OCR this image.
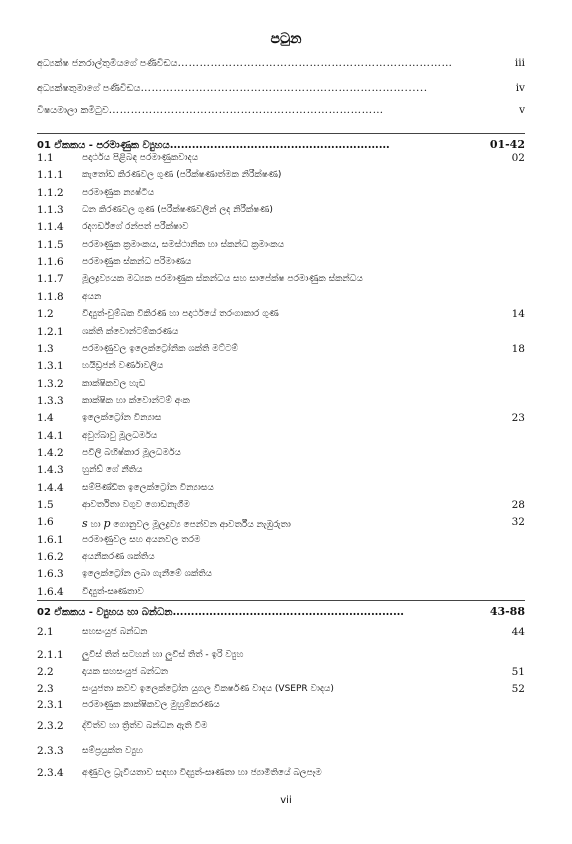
පටුන
අධ්‍යක්ෂ ජනරාල්තුමියගේ පණිවිඩය…………………………………………………………………	iii
අධ්‍යක්ෂතුමාගේ පණිවිඩය………………………………………………………………......	iv
විෂයමාලා කමිටුව…………………………………………………………………	v
01 ඒකකය - පරමාණුක ව්‍යුහය……………………………………………………	01-42
1.1	පදාර්ථය පිළිබඳ පරමාණුකවාදය	02
1.1.1 කැතෝඩ කිරණවල ගුණ (පරීක්ෂණාත්මක නිරීක්ෂණ)
1.1.2 පරමාණුක න්‍යෂ්ටිය
1.1.3 ධන කිරණවල ගුණ (පරීක්ෂණවලින් ලද නිරීක්ෂණ)
1.1.4 රදෆර්ඩ්ගේ රන්පත් පරීක්ෂාව
1.1.5 පරමාණුක ක්‍රමාංකය, සමස්ථානික හා ස්කන්ධ ක්‍රමාංකය
1.1.6 පරමාණුක ස්කන්ධ පරිමාණය
1.1.7 මූලද්‍රව්‍යයක මධ්‍යක පරමාණුක ස්කන්ධය සහ සාපේක්ෂ පරමාණුක ස්කන්ධය
1.1.8 අයන
1.2	විද්‍යුත්-චුම්බක විකිරණ හා පදාර්ථයේ තරංගාකාර ගුණ	14
1.2.1 ශක්ති ක්වොන්ටම්කරණය
1.3	පරමාණුවල ඉලෙක්ට්‍රෝනික ශක්ති මට්ටම්	18
1.3.1 හයිඩ්‍රජන් වර්ණාවලිය
1.3.2 කාක්ෂිකවල හැඩ
1.3.3 කාක්ෂික හා ක්වොන්ටම් අංක
1.4	ඉලෙක්ට්‍රෝන වින්‍යාස	23
1.4.1 අවුෆ්බාවු මූලධර්මය
1.4.2 පවිලි බහිෂ්කාර මූලධර්මය
1.4.3 හුන්ඩ් ගේ නීතිය
1.4.4 සම්පිණ්ඩිත ඉලෙක්ට්‍රෝන වින්‍යාසය
1.5	ආවර්තිතා වගුව ගොඩනැගීම	28
1.6	s හා p ගොනුවල මූලද්‍රව්‍ය පෙන්වන ආවර්තීය නැඹුරුතා	32
1.6.1 පරමාණුවල සහ අයනවල තරම
1.6.2 අයනීකරණ ශක්තිය
1.6.3 ඉලෙක්ට්‍රෝන ලබා ගැනීමේ ශක්තිය
1.6.4 විද්‍යුත්-සෘණතාව
02 ඒකකය - ව්‍යුහය හා බන්ධන……………………………...………………………	43-88
2.1	සහසංයුජ බන්ධන	44
2.1.1 ලුවිස් තිත් සටහන් හා ලුවිස් තිත් - ඉරි ව්‍යුහ
2.2	දායක සහසංයුජ බන්ධන	51
2.3	සංයුජතා කවච ඉලෙක්ට්‍රෝන යුගල විකර්ෂණ වාදය (VSEPR වාදය)	52
2.3.1 පරමාණුක කාක්ෂිකවල මුහුම්කරණය
2.3.2 ද්විත්ව හා ත්‍රිත්ව බන්ධන ඇති වීම
2.3.3 සම්ප්‍රයුක්ත ව්‍යුහ
2.3.4 අණුවල ධ්‍රැවීයතාව සඳහා විද්‍යුත්-සෘණතා හා ජ්‍යාමිතියේ බලපෑම
vii
